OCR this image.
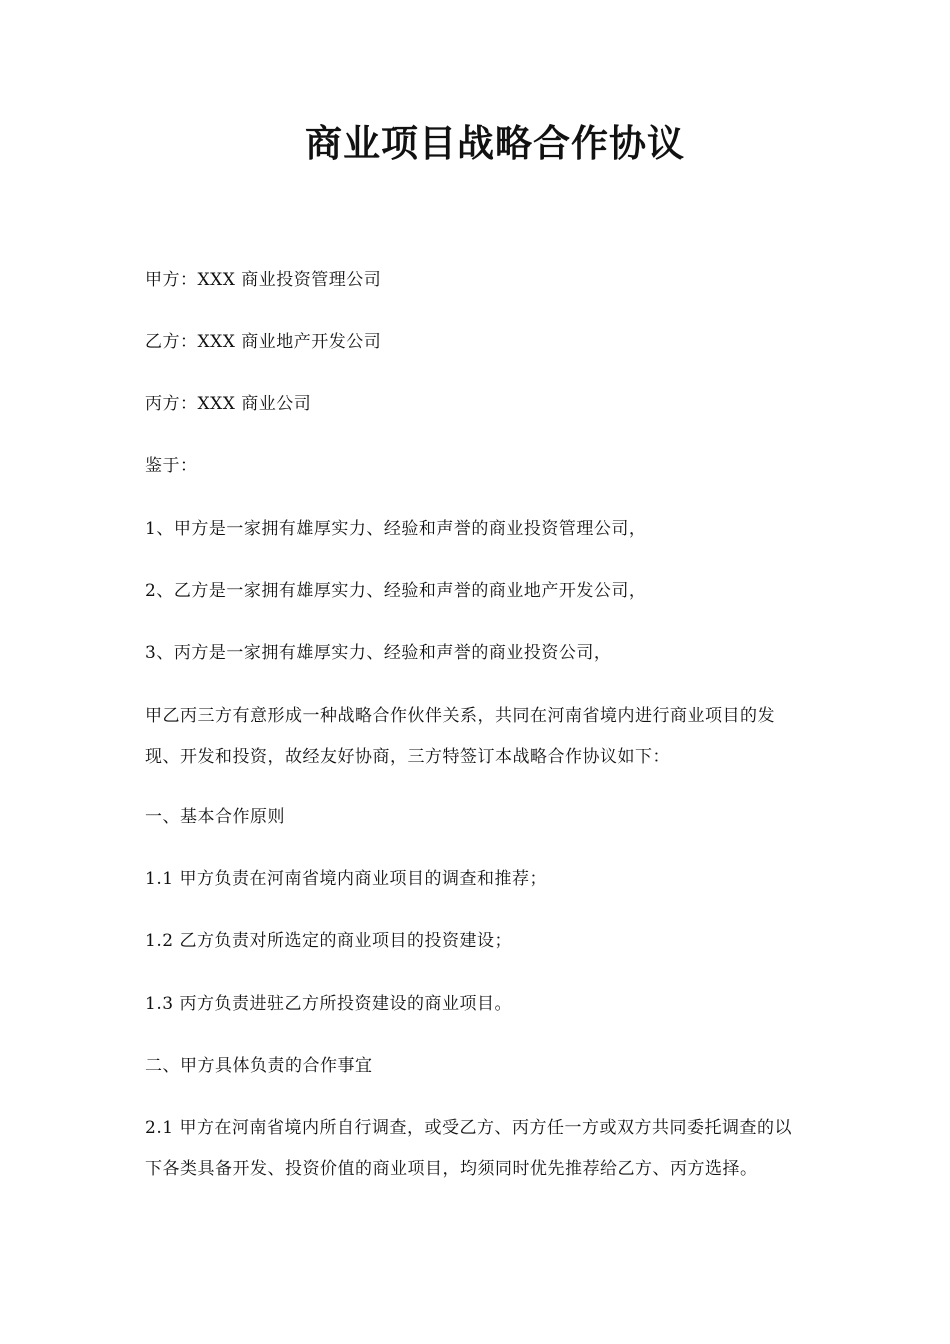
商业项目战略合作协议

甲方：XXX 商业投资管理公司

乙方：XXX 商业地产开发公司

丙方：XXX 商业公司

鉴于：

1、甲方是一家拥有雄厚实力、经验和声誉的商业投资管理公司，

2、乙方是一家拥有雄厚实力、经验和声誉的商业地产开发公司，

3、丙方是一家拥有雄厚实力、经验和声誉的商业投资公司，

甲乙丙三方有意形成一种战略合作伙伴关系，共同在河南省境内进行商业项目的发现、开发和投资，故经友好协商，三方特签订本战略合作协议如下：

一、基本合作原则

1.1 甲方负责在河南省境内商业项目的调查和推荐；

1.2 乙方负责对所选定的商业项目的投资建设；

1.3 丙方负责进驻乙方所投资建设的商业项目。

二、甲方具体负责的合作事宜

2.1 甲方在河南省境内所自行调查，或受乙方、丙方任一方或双方共同委托调查的以下各类具备开发、投资价值的商业项目，均须同时优先推荐给乙方、丙方选择。
